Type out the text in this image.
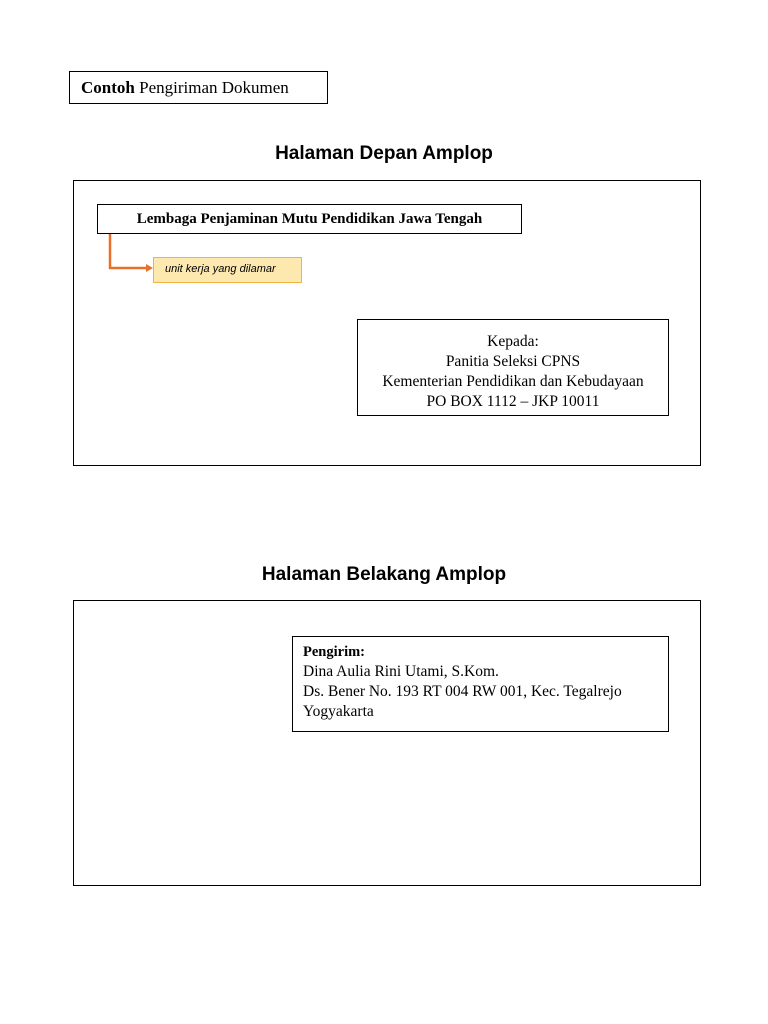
Contoh Pengiriman Dokumen
Halaman Depan Amplop
Lembaga Penjaminan Mutu Pendidikan Jawa Tengah
unit kerja yang dilamar
Kepada:
Panitia Seleksi CPNS
Kementerian Pendidikan dan Kebudayaan
PO BOX 1112 – JKP 10011
Halaman Belakang Amplop
Pengirim:
Dina Aulia Rini Utami, S.Kom.
Ds. Bener No. 193 RT 004 RW 001, Kec. Tegalrejo
Yogyakarta
